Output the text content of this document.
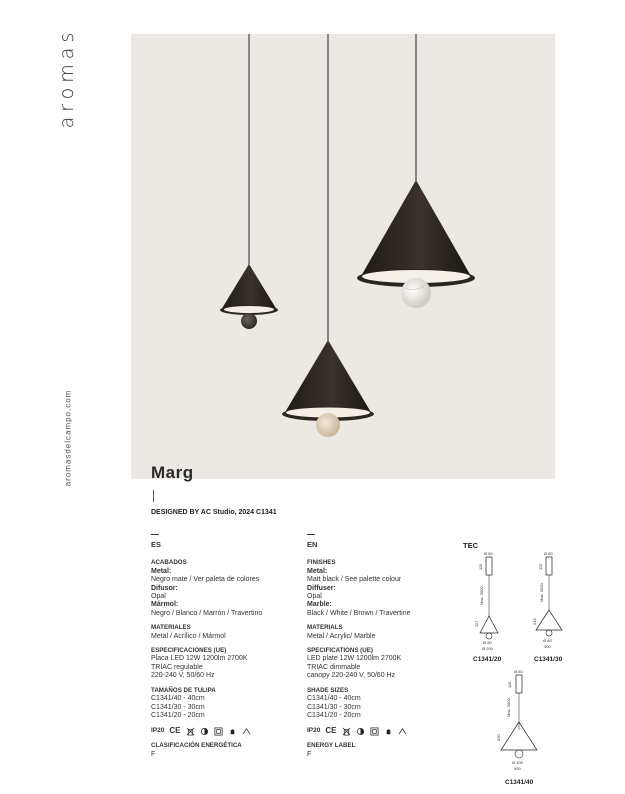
aromas
aromasdelcampo.com	Marg
DESIGNED BY AC Studio, 2024 C1341
ES
ACABADOS
Metal:
Negro mate / Ver paleta de colores
Difusor:
Opal
Mármol:
Negro / Blanco / Marrón / Travertino
MATERIALES
Metal / Acrílico / Mármol
ESPECIFICACIONES (UE)
Placa LED 12W 1200lm 2700K
TRIAC regulable
220-240 V, 50/60 Hz
TAMAÑOS DE TULIPA
C1341/40 - 40cm
C1341/30 - 30cm
C1341/20 - 20cm
IP20 CE
CLASIFICACIÓN ENERGÉTICA
F
EN
FINISHES
Metal:
Matt black / See palette colour
Diffuser:
Opal
Marble:
Black / White / Brown / Travertine
MATERIALS
Metal / Acrylic/ Marble
SPECIFICATIONS (UE)
LED plate 12W 1200lm 2700K
TRIAC dimmable
canopy 220-240 V, 50/60 Hz
SHADE SIZES
C1341/40 - 40cm
C1341/30 - 30cm
C1341/20 - 20cm
IP20 CE
ENERGY LABEL
F
TEC
Ø 80
115
Max. 3000
117
Ø 80
Ø 200
C1341/20
Ø 80
115
Max. 3000
245
Ø 80
300
C1341/30
Ø 80
115
Max. 3000
330
Ø 100
400
C1341/40
